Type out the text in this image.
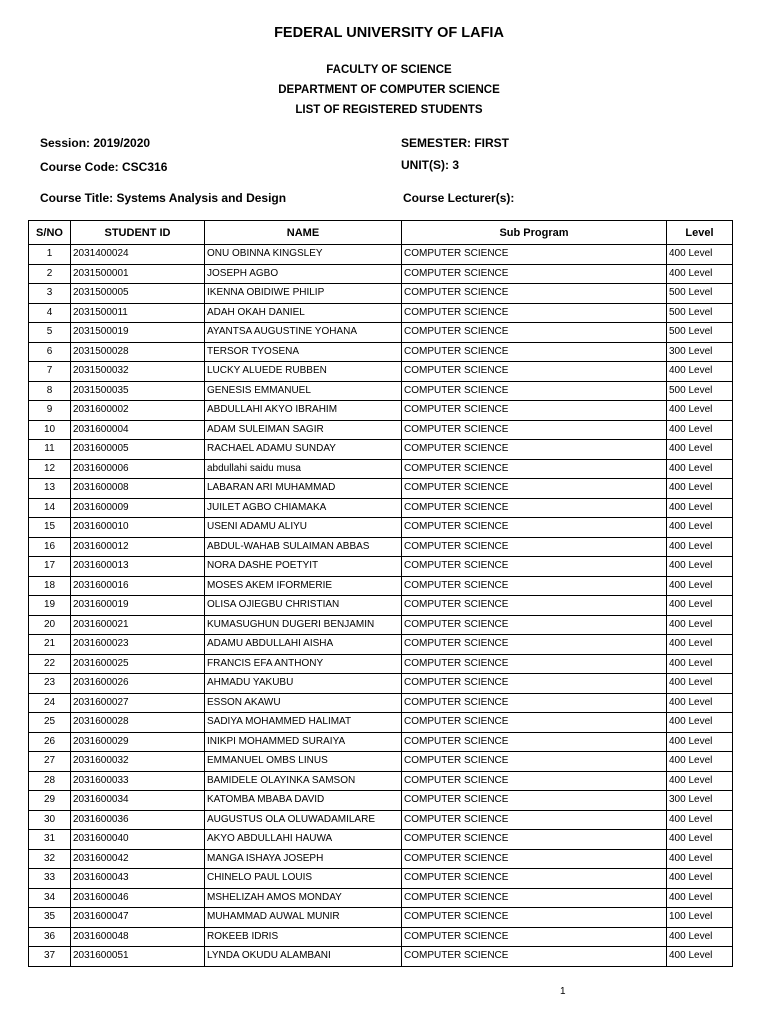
FEDERAL UNIVERSITY OF LAFIA
FACULTY OF SCIENCE
DEPARTMENT OF COMPUTER SCIENCE
LIST OF REGISTERED STUDENTS
Session: 2019/2020	SEMESTER: FIRST
Course Code: CSC316	UNIT(S): 3
Course Title: Systems Analysis and Design	Course Lecturer(s):
S/NO	STUDENT ID	NAME	Sub Program	Level
1	2031400024	ONU OBINNA KINGSLEY	COMPUTER SCIENCE	400 Level
2	2031500001	JOSEPH AGBO	COMPUTER SCIENCE	400 Level
3	2031500005	IKENNA OBIDIWE PHILIP	COMPUTER SCIENCE	500 Level
4	2031500011	ADAH OKAH DANIEL	COMPUTER SCIENCE	500 Level
5	2031500019	AYANTSA AUGUSTINE YOHANA	COMPUTER SCIENCE	500 Level
6	2031500028	TERSOR TYOSENA	COMPUTER SCIENCE	300 Level
7	2031500032	LUCKY ALUEDE RUBBEN	COMPUTER SCIENCE	400 Level
8	2031500035	GENESIS EMMANUEL	COMPUTER SCIENCE	500 Level
9	2031600002	ABDULLAHI AKYO IBRAHIM	COMPUTER SCIENCE	400 Level
10	2031600004	ADAM SULEIMAN SAGIR	COMPUTER SCIENCE	400 Level
11	2031600005	RACHAEL ADAMU SUNDAY	COMPUTER SCIENCE	400 Level
12	2031600006	abdullahi saidu musa	COMPUTER SCIENCE	400 Level
13	2031600008	LABARAN ARI MUHAMMAD	COMPUTER SCIENCE	400 Level
14	2031600009	JUILET AGBO CHIAMAKA	COMPUTER SCIENCE	400 Level
15	2031600010	USENI ADAMU ALIYU	COMPUTER SCIENCE	400 Level
16	2031600012	ABDUL-WAHAB SULAIMAN ABBAS	COMPUTER SCIENCE	400 Level
17	2031600013	NORA DASHE POETYIT	COMPUTER SCIENCE	400 Level
18	2031600016	MOSES AKEM IFORMERIE	COMPUTER SCIENCE	400 Level
19	2031600019	OLISA OJIEGBU CHRISTIAN	COMPUTER SCIENCE	400 Level
20	2031600021	KUMASUGHUN DUGERI BENJAMIN	COMPUTER SCIENCE	400 Level
21	2031600023	ADAMU ABDULLAHI AISHA	COMPUTER SCIENCE	400 Level
22	2031600025	FRANCIS EFA ANTHONY	COMPUTER SCIENCE	400 Level
23	2031600026	AHMADU YAKUBU	COMPUTER SCIENCE	400 Level
24	2031600027	ESSON AKAWU	COMPUTER SCIENCE	400 Level
25	2031600028	SADIYA MOHAMMED HALIMAT	COMPUTER SCIENCE	400 Level
26	2031600029	INIKPI MOHAMMED SURAIYA	COMPUTER SCIENCE	400 Level
27	2031600032	EMMANUEL OMBS LINUS	COMPUTER SCIENCE	400 Level
28	2031600033	BAMIDELE OLAYINKA SAMSON	COMPUTER SCIENCE	400 Level
29	2031600034	KATOMBA MBABA DAVID	COMPUTER SCIENCE	300 Level
30	2031600036	AUGUSTUS OLA OLUWADAMILARE	COMPUTER SCIENCE	400 Level
31	2031600040	AKYO ABDULLAHI HAUWA	COMPUTER SCIENCE	400 Level
32	2031600042	MANGA ISHAYA JOSEPH	COMPUTER SCIENCE	400 Level
33	2031600043	CHINELO PAUL LOUIS	COMPUTER SCIENCE	400 Level
34	2031600046	MSHELIZAH AMOS MONDAY	COMPUTER SCIENCE	400 Level
35	2031600047	MUHAMMAD AUWAL MUNIR	COMPUTER SCIENCE	100 Level
36	2031600048	ROKEEB IDRIS	COMPUTER SCIENCE	400 Level
37	2031600051	LYNDA OKUDU ALAMBANI	COMPUTER SCIENCE	400 Level
1
